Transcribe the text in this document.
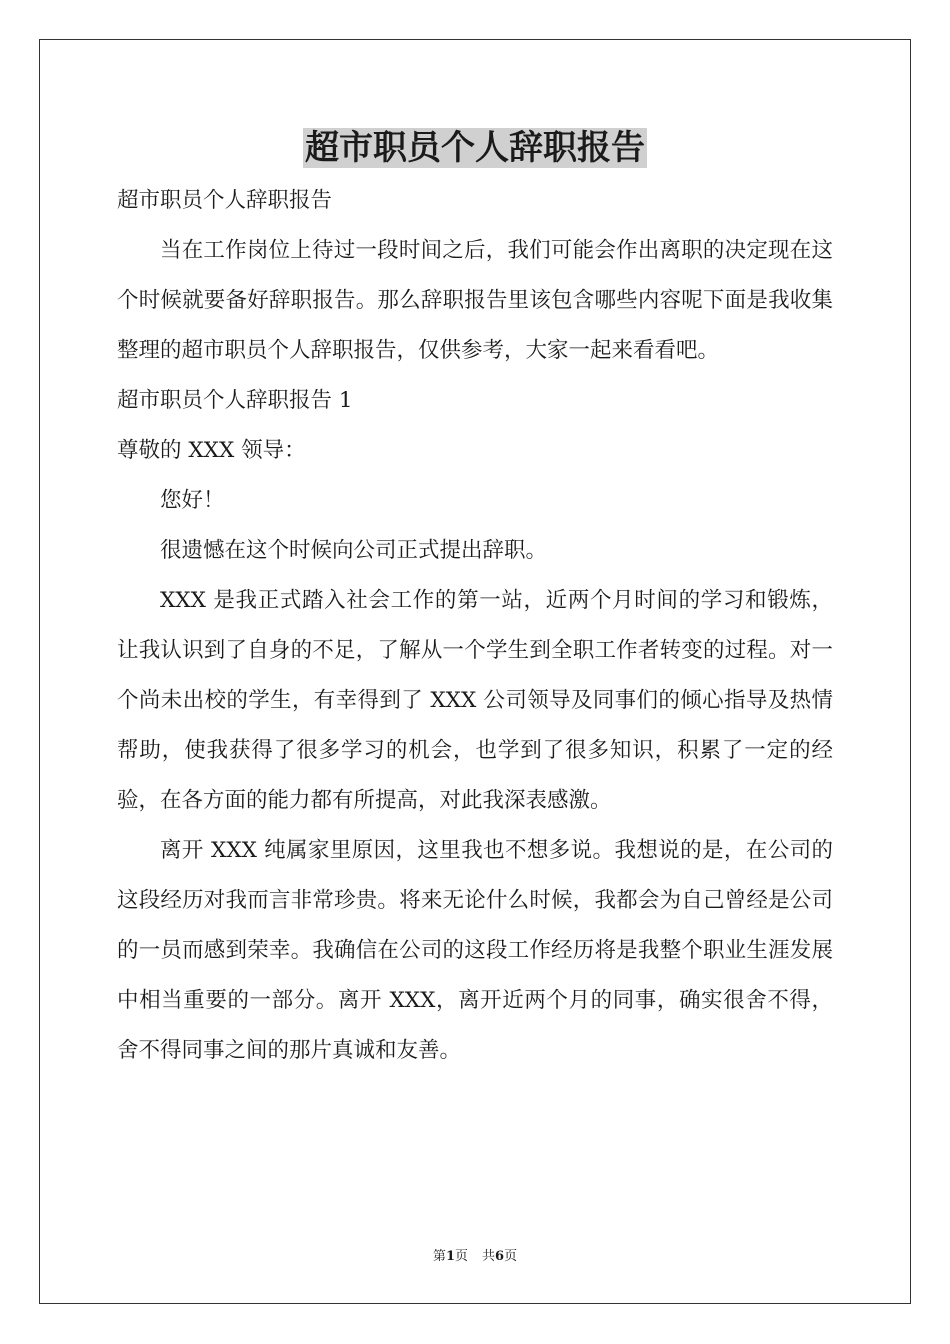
超市职员个人辞职报告

超市职员个人辞职报告

当在工作岗位上待过一段时间之后，我们可能会作出离职的决定现在这个时候就要备好辞职报告。那么辞职报告里该包含哪些内容呢下面是我收集整理的超市职员个人辞职报告，仅供参考，大家一起来看看吧。

超市职员个人辞职报告 1

尊敬的 XXX 领导：

您好！

很遗憾在这个时候向公司正式提出辞职。

XXX 是我正式踏入社会工作的第一站，近两个月时间的学习和锻炼，让我认识到了自身的不足，了解从一个学生到全职工作者转变的过程。对一个尚未出校的学生，有幸得到了 XXX 公司领导及同事们的倾心指导及热情帮助，使我获得了很多学习的机会，也学到了很多知识，积累了一定的经验，在各方面的能力都有所提高，对此我深表感激。

离开 XXX 纯属家里原因，这里我也不想多说。我想说的是，在公司的这段经历对我而言非常珍贵。将来无论什么时候，我都会为自己曾经是公司的一员而感到荣幸。我确信在公司的这段工作经历将是我整个职业生涯发展中相当重要的一部分。离开 XXX，离开近两个月的同事，确实很舍不得，舍不得同事之间的那片真诚和友善。

第1页 共6页
